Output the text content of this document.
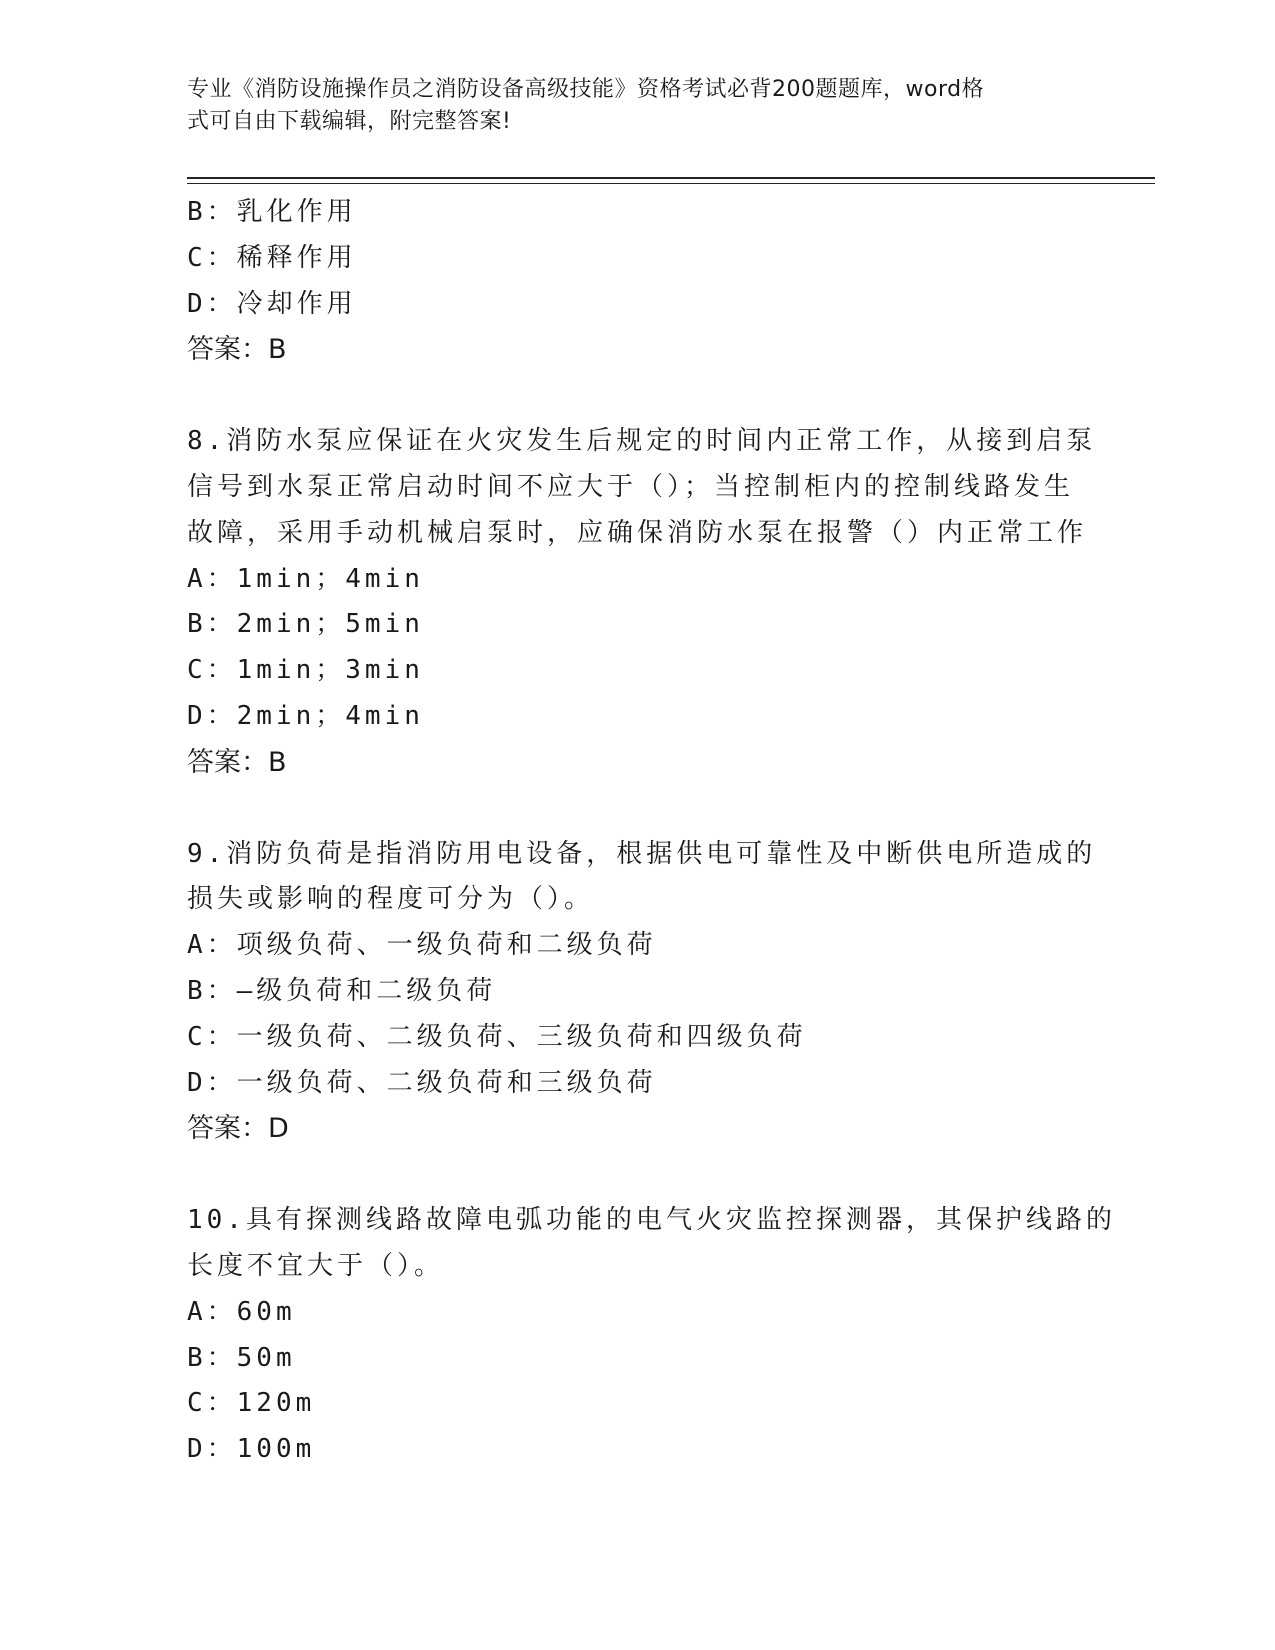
专业《消防设施操作员之消防设备高级技能》资格考试必背200题题库，word格
式可自由下载编辑，附完整答案!
B：乳化作用
C：稀释作用
D：冷却作用
答案：B
8.消防水泵应保证在火灾发生后规定的时间内正常工作，从接到启泵
信号到水泵正常启动时间不应大于（）；当控制柜内的控制线路发生
故障，采用手动机械启泵时，应确保消防水泵在报警（）内正常工作
A：1min；4min
B：2min；5min
C：1min；3min
D：2min；4min
答案：B
9.消防负荷是指消防用电设备，根据供电可靠性及中断供电所造成的
损失或影响的程度可分为（）。
A：项级负荷、一级负荷和二级负荷
B：—级负荷和二级负荷
C：一级负荷、二级负荷、三级负荷和四级负荷
D：一级负荷、二级负荷和三级负荷
答案：D
10.具有探测线路故障电弧功能的电气火灾监控探测器，其保护线路的
长度不宜大于（）。
A：60m
B：50m
C：120m
D：100m
